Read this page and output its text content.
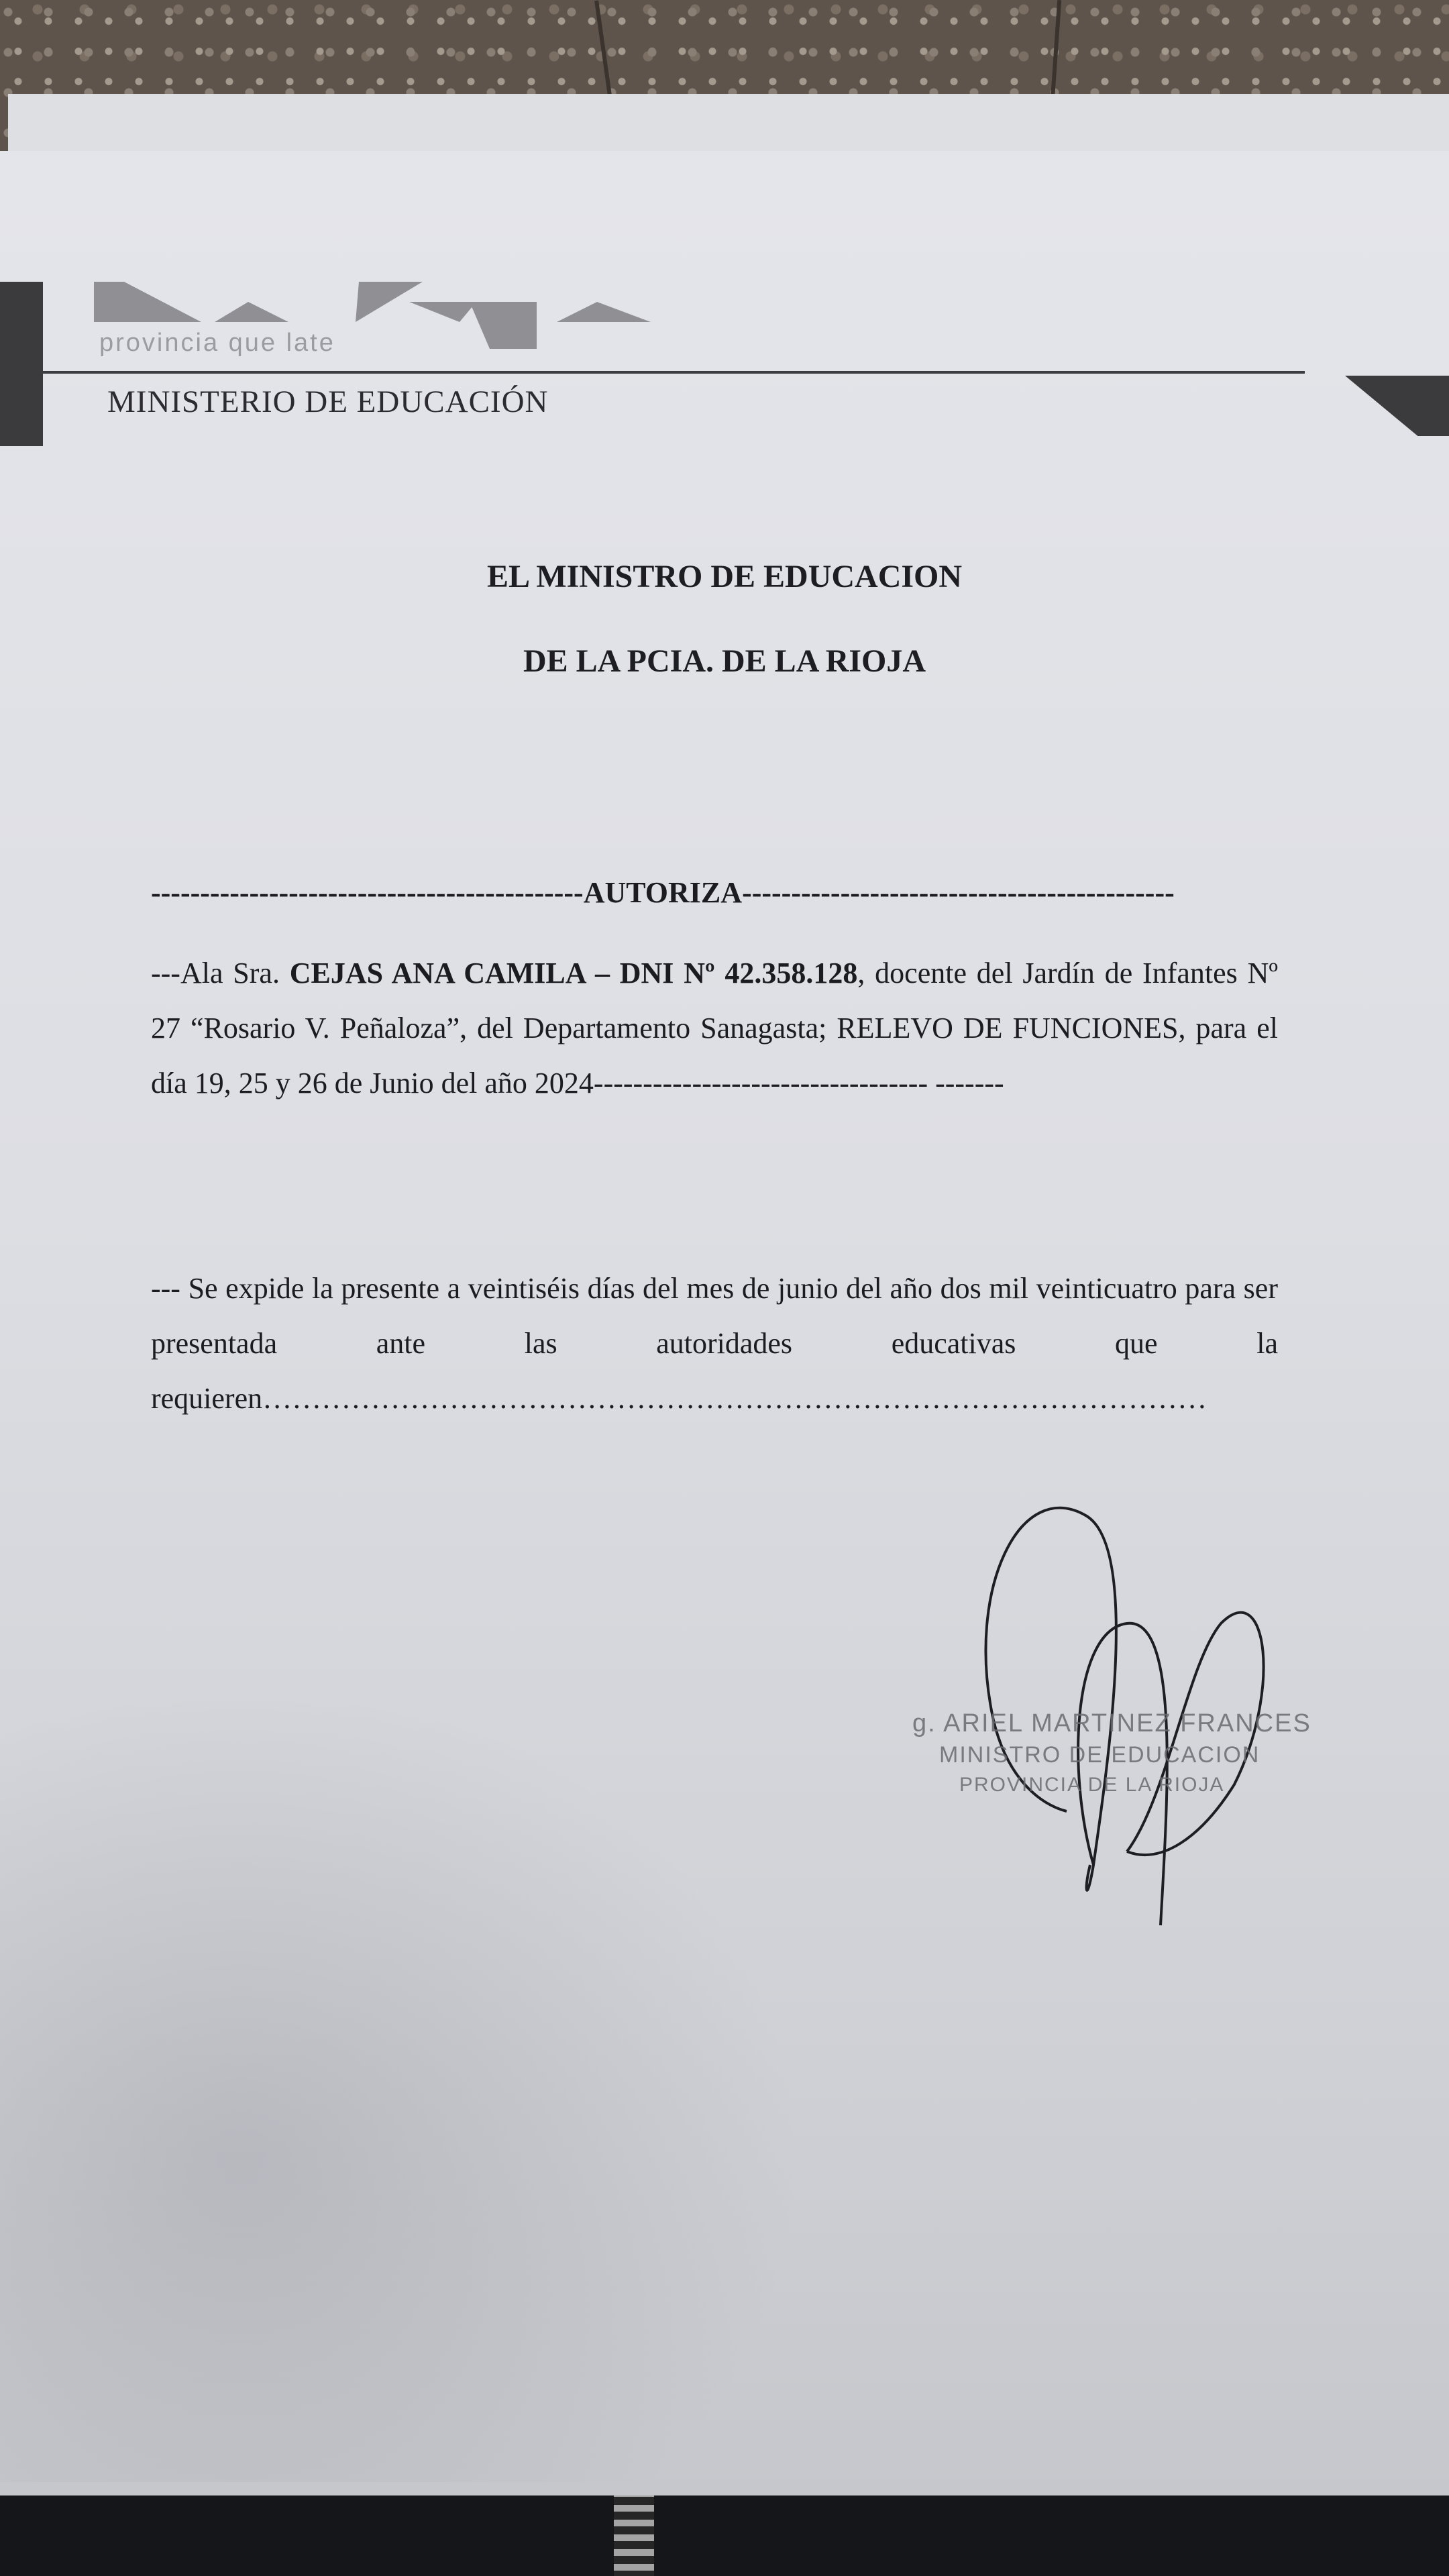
provincia que late
MINISTERIO DE EDUCACIÓN
EL MINISTRO DE EDUCACION
DE LA PCIA. DE LA RIOJA
--------------------------------------------AUTORIZA--------------------------------------------
---Ala Sra. CEJAS ANA CAMILA – DNI Nº 42.358.128, docente del Jardín de Infantes Nº 27 “Rosario V. Peñaloza”, del Departamento Sanagasta; RELEVO DE FUNCIONES, para el día 19, 25 y 26 de Junio del año 2024---------------------------------- -------
--- Se expide la presente a veintiséis días del mes de junio del año dos mil veinticuatro para ser presentada ante las autoridades educativas que la requieren……………………………………………………………………………………
g. ARIEL MARTINEZ FRANCES
MINISTRO DE EDUCACION
PROVINCIA DE LA RIOJA
